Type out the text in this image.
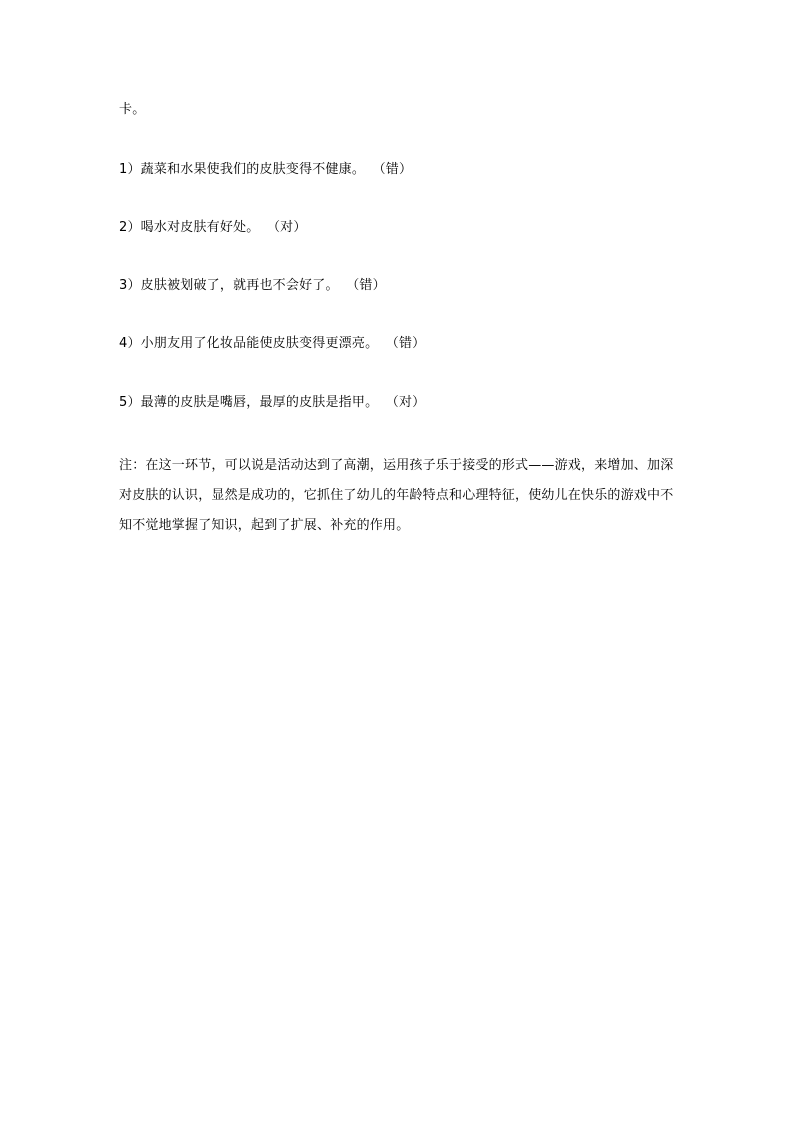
卡。

1）蔬菜和水果使我们的皮肤变得不健康。 （错）

2）喝水对皮肤有好处。 （对）

3）皮肤被划破了，就再也不会好了。 （错）

4）小朋友用了化妆品能使皮肤变得更漂亮。 （错）

5）最薄的皮肤是嘴唇，最厚的皮肤是指甲。 （对）

注：在这一环节，可以说是活动达到了高潮，运用孩子乐于接受的形式——游戏，来增加、加深对皮肤的认识，显然是成功的，它抓住了幼儿的年龄特点和心理特征，使幼儿在快乐的游戏中不知不觉地掌握了知识，起到了扩展、补充的作用。
